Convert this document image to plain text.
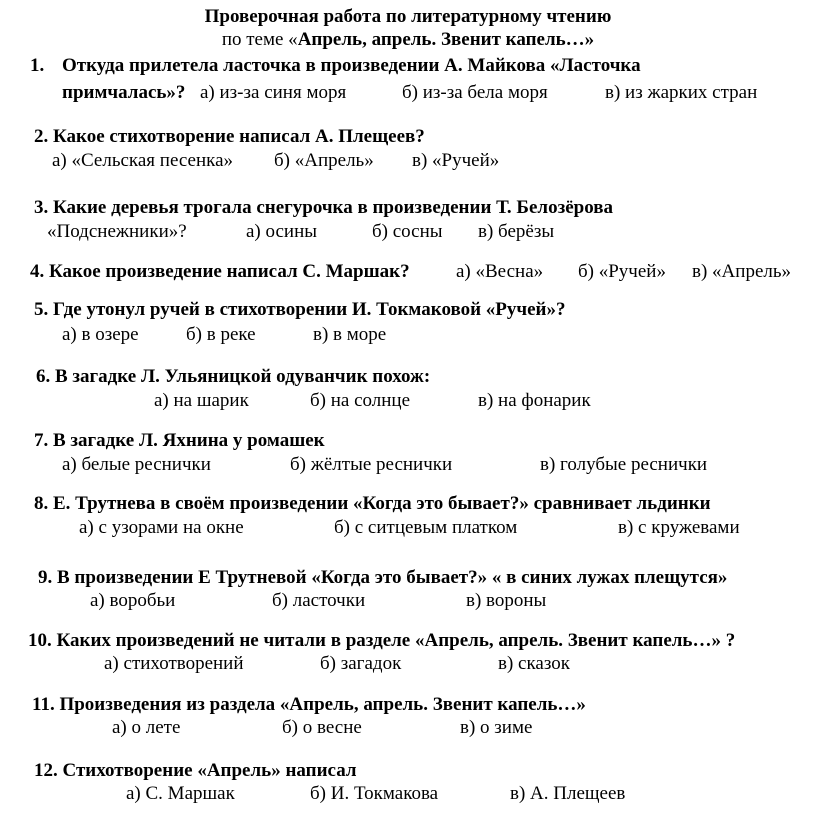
Проверочная работа по литературному чтению
по теме «Апрель, апрель. Звенит капель…»
1. Откуда прилетела ласточка в произведении А. Майкова «Ласточка
примчалась»? а) из-за синя моря	б) из-за бела моря	в) из жарких стран
2. Какое стихотворение написал А. Плещеев?
а) «Сельская песенка» б) «Апрель» в) «Ручей»
3. Какие деревья трогала снегурочка в произведении Т. Белозёрова
«Подснежники»?	а) осины	б) сосны в) берёзы
4. Какое произведение написал С. Маршак? а) «Весна» б) «Ручей» в) «Апрель»
5. Где утонул ручей в стихотворении И. Токмаковой «Ручей»?
а) в озере б) в реке	в) в море
6. В загадке Л. Ульяницкой одуванчик похож:
а) на шарик	б) на солнце	в) на фонарик
7. В загадке Л. Яхнина у ромашек
а) белые реснички	б) жёлтые реснички	в) голубые реснички
8. Е. Трутнева в своём произведении «Когда это бывает?» сравнивает льдинки
а) с узорами на окне	б) с ситцевым платком	в) с кружевами
9. В произведении Е Трутневой «Когда это бывает?» « в синих лужах плещутся»
а) воробьи	б) ласточки	в) вороны
10. Каких произведений не читали в разделе «Апрель, апрель. Звенит капель…» ?
а) стихотворений	б) загадок	в) сказок
11. Произведения из раздела «Апрель, апрель. Звенит капель…»
а) о лете	б) о весне	в) о зиме
12. Стихотворение «Апрель» написал
а) С. Маршак	б) И. Токмакова	в) А. Плещеев
